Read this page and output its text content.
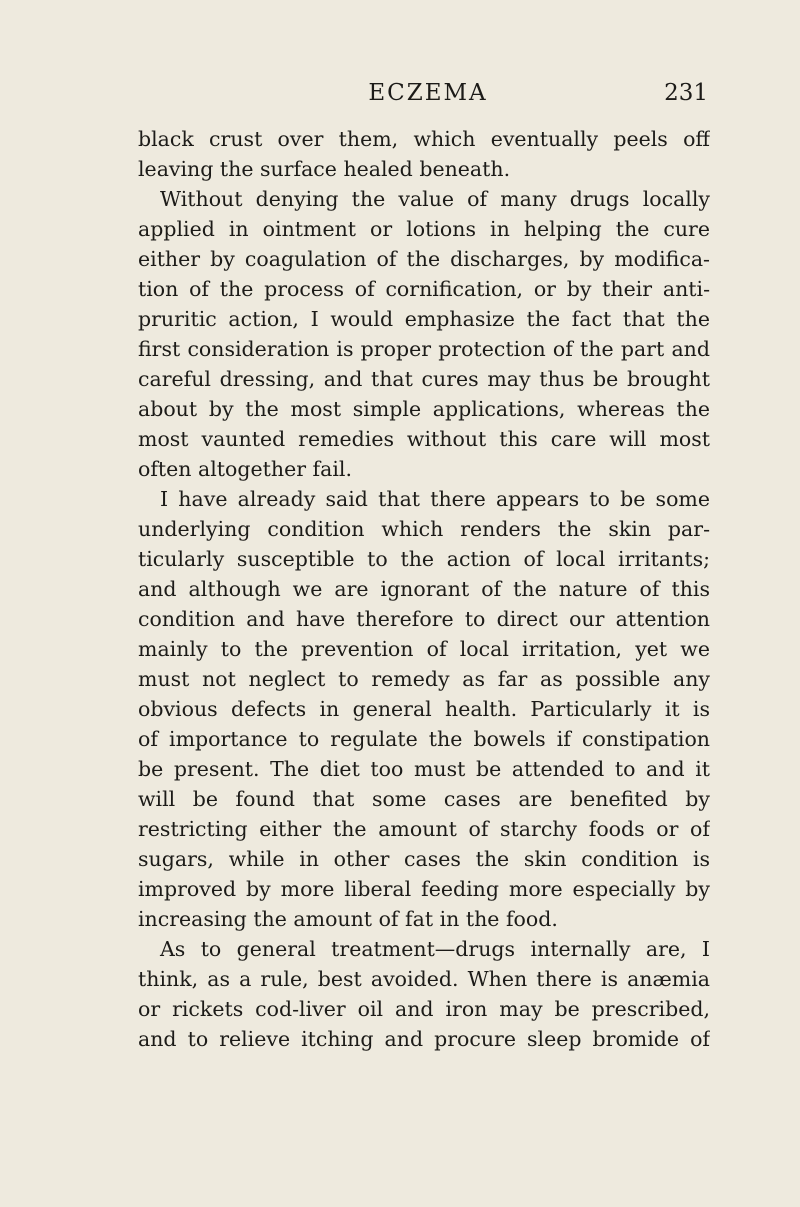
ECZEMA	231
black crust over them, which eventually peels off
leaving the surface healed beneath.
Without denying the value of many drugs locally
applied in ointment or lotions in helping the cure
either by coagulation of the discharges, by modifica-
tion of the process of cornification, or by their anti-
pruritic action, I would emphasize the fact that the
first consideration is proper protection of the part and
careful dressing, and that cures may thus be brought
about by the most simple applications, whereas the
most vaunted remedies without this care will most
often altogether fail.
I have already said that there appears to be some
underlying condition which renders the skin par-
ticularly susceptible to the action of local irritants;
and although we are ignorant of the nature of this
condition and have therefore to direct our attention
mainly to the prevention of local irritation, yet we
must not neglect to remedy as far as possible any
obvious defects in general health. Particularly it is
of importance to regulate the bowels if constipation
be present. The diet too must be attended to and it
will be found that some cases are benefited by
restricting either the amount of starchy foods or of
sugars, while in other cases the skin condition is
improved by more liberal feeding more especially by
increasing the amount of fat in the food.
As to general treatment—drugs internally are, I
think, as a rule, best avoided. When there is anæmia
or rickets cod-liver oil and iron may be prescribed,
and to relieve itching and procure sleep bromide of
